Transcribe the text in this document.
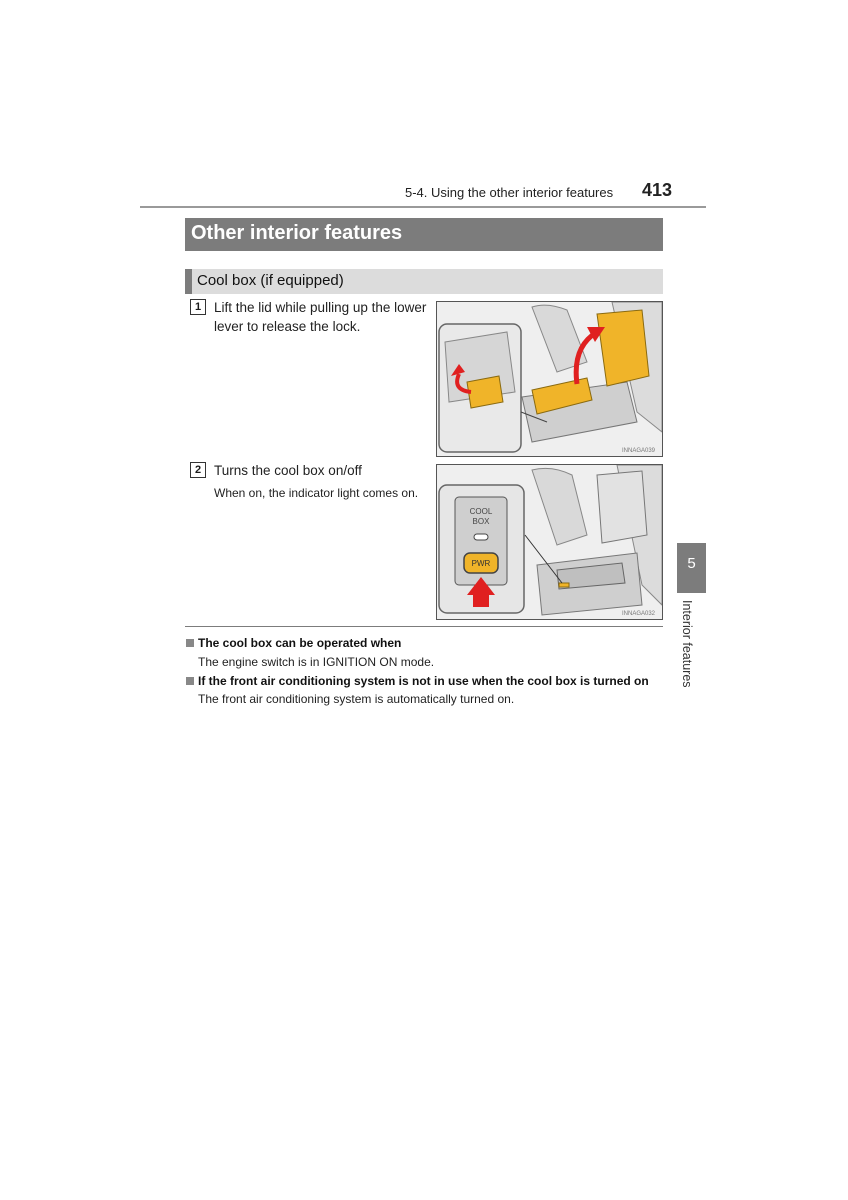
5-4. Using the other interior features 413
Other interior features
Cool box (if equipped)
1 Lift the lid while pulling up the lower lever to release the lock.
INNAGA039
2 Turns the cool box on/off
When on, the indicator light comes on.
COOL
BOX
PWR
INNAGA032
The cool box can be operated when
The engine switch is in IGNITION ON mode.
If the front air conditioning system is not in use when the cool box is turned on
The front air conditioning system is automatically turned on.
5
Interior features
